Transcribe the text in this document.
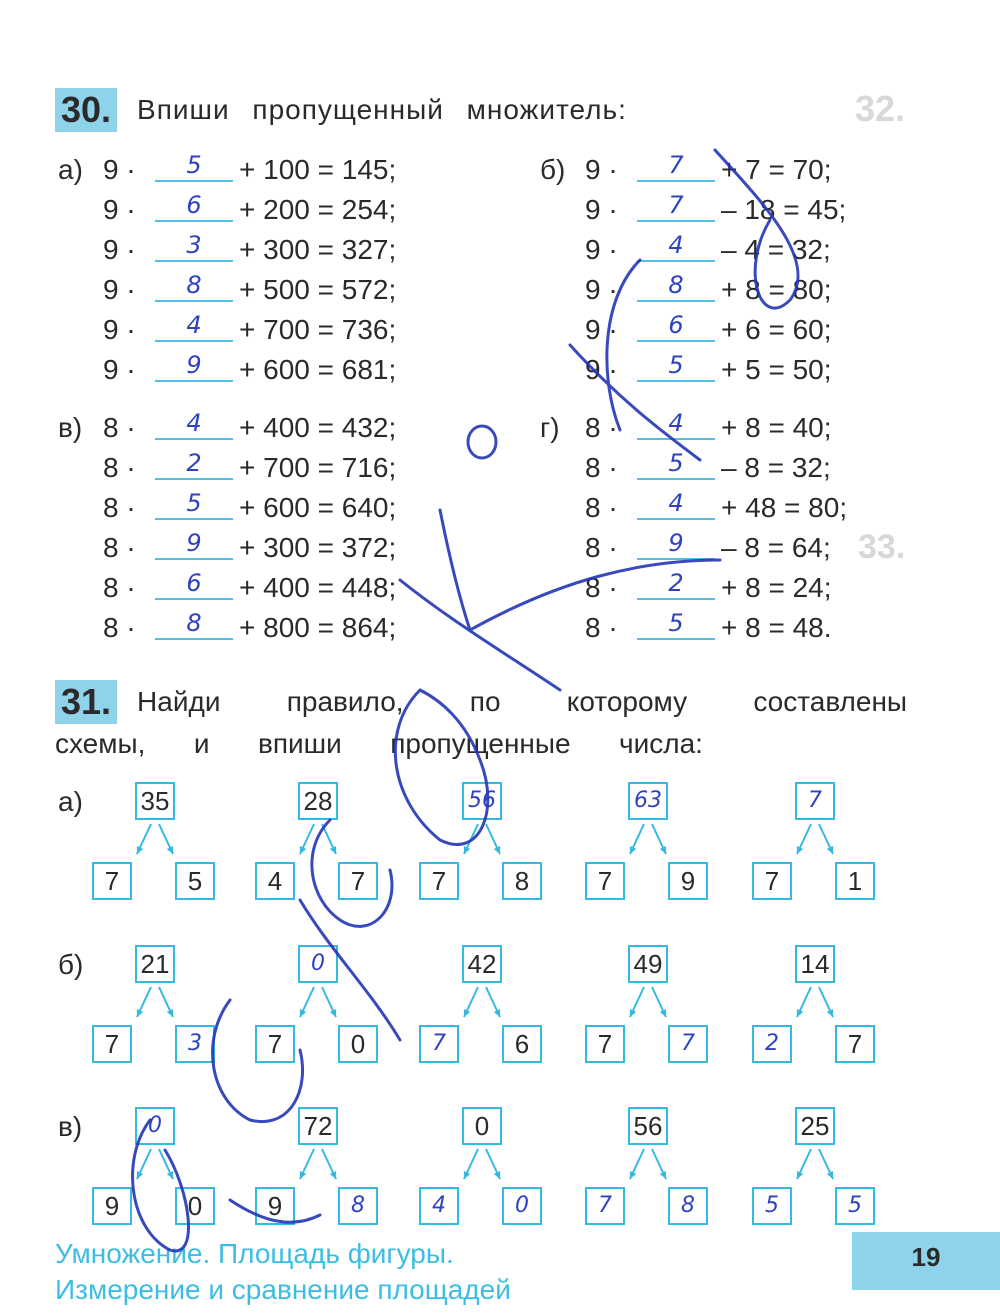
32.
33.
30. Впиши пропущенный множитель:
а) 9 ·	5	+ 100 = 145;
9 ·	6	+ 200 = 254;
9 ·	3	+ 300 = 327;
9 ·	8	+ 500 = 572;
9 ·	4	+ 700 = 736;
9 ·	9	+ 600 = 681;
б) 9 ·	7	+ 7 = 70;
9 ·	7	– 18 = 45;
9 ·	4	– 4 = 32;
9 ·	8	+ 8 = 80;
9 ·	6	+ 6 = 60;
9 ·	5	+ 5 = 50;
в) 8 ·	4	+ 400 = 432;
8 ·	2	+ 700 = 716;
8 ·	5	+ 600 = 640;
8 ·	9	+ 300 = 372;
8 ·	6	+ 400 = 448;
8 ·	8	+ 800 = 864;
г) 8 ·	4	+ 8 = 40;
8 ·	5	– 8 = 32;
8 ·	4	+ 48 = 80;
8 ·	9	– 8 = 64;
8 ·	2	+ 8 = 24;
8 ·	5	+ 8 = 48.
31. Найди правило, по которому составлены
схемы, и впиши пропущенные числа:
а) 35
7	5
28
4	7
56
7	8
63
7	9
7
7	1
б) 21
7	3
0
7	0
42
7	6
49
7	7
14
2	7
в)	0
9	0
72
9	8
0
4	0
56
7	8
25
5	5
Умножение. Площадь фигуры.
Измерение и сравнение площадей
19
